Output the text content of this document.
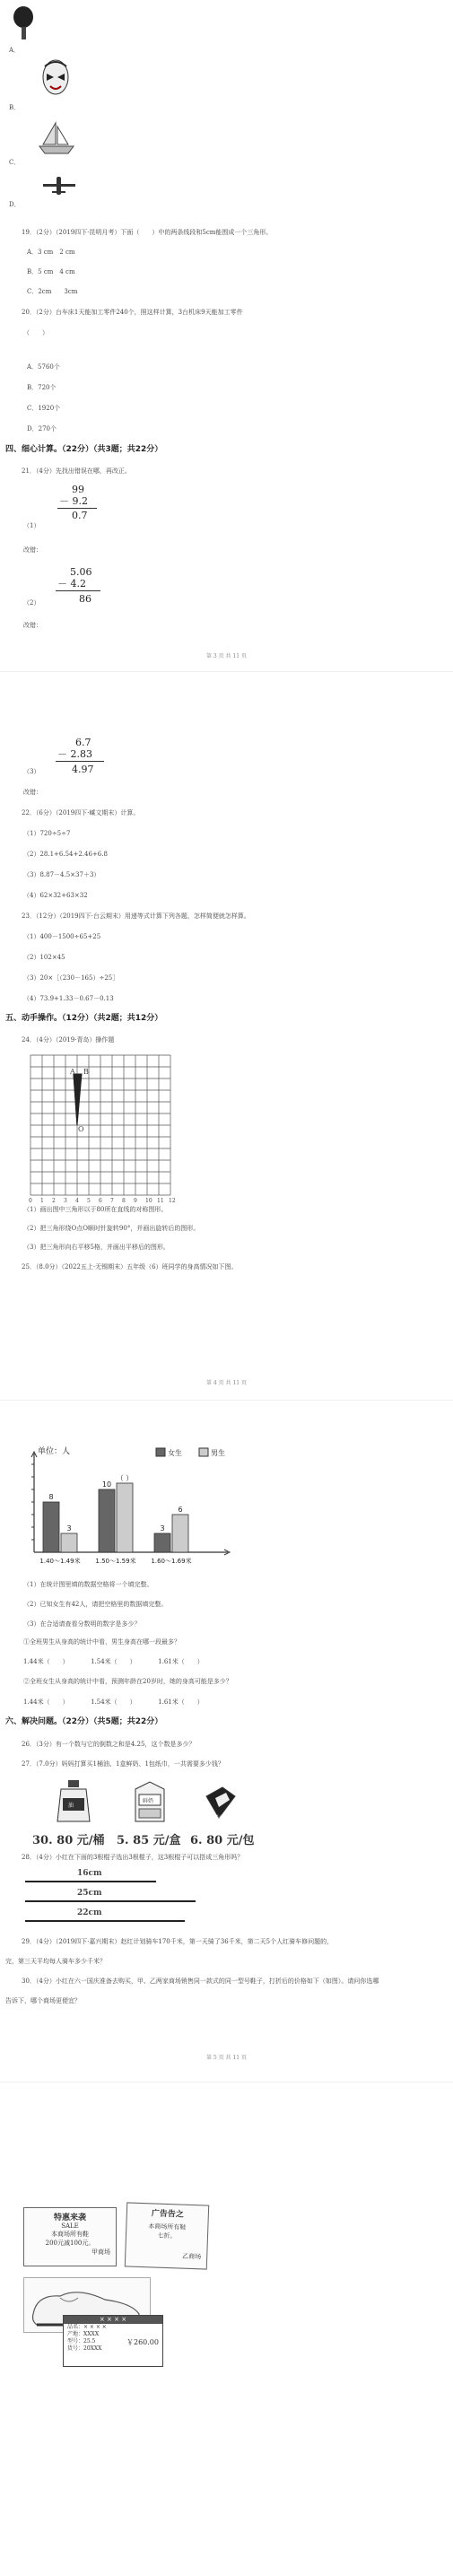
A．
B．
C．
D．
19．（2分）（2019四下·昆明月考）下面（　　）中的两条线段和5cm能围成一个三角形。
A．3 cm　2 cm
B．5 cm　4 cm
C．2cm　　3cm
20．（2分）台车床1天能加工零件240个，照这样计算，3台机床9天能加工零件
（　　）
A．5760个
B．720个
C．1920个
D．270个
四、细心计算。（22分）（共3题；共22分）
21．（4分）先找出错误在哪，再改正。
99
－ 9.2
0.7
（1）
改错：
5.06
－ 4.2
86
（2）
改错：
第 3 页 共 11 页
6.7
－ 2.83
4.97
（3）
改错：
22．（6分）（2019四下·嵊文期末）计算。
（1）720÷5÷7
（2）28.1+6.54+2.46+6.8
（3）8.87－4.5×37＋3）
（4）62×32+63×32
23．（12分）（2019四下·台云期末）用递等式计算下列各题，怎样简便就怎样算。
（1）400－1500÷65+25
（2）102×45
（3）20×［（230－165）÷25］
（4）73.9+1.33－0.67－0.13
五、动手操作。（12分）（共2题；共12分）
24．（4分）（2019·青岛）操作题
A B
O
0 1 2 3 4 5 6 7 8 9 10 11 12
（1）画出图中三角形以于80所在直线的对称图形。
（2）把三角形绕O点O顺时针旋转90°，并画出旋转后的图形。
（3）把三角形向右平移5格，并画出平移后的图形。
25．（8.0分）（2022五上·无锡期末）五年级（6）班同学的身高情况如下图。
第 4 页 共 11 页
单位：人	女生	男生
8
3
1.40～1.49米
10
（ ）
1.50～1.59米
3
6
1.60～1.69米
（1）在统计图里填的数据空格将一个填完整。
（2）已知女生有42人，请把空格里的数据填完整。
（3）在合适请查看分数明的数字是多少？
①全班男生从身高的统计中看，男生身高在哪一段最多？
1.44米（　　）　　　　1.54米（　　）　　　　1.61米（　　）
②全班女生从身高的统计中看，预测年龄在20岁时，她的身高可能是多少？
1.44米（　　）　　　　1.54米（　　）　　　　1.61米（　　）
六、解决问题。（22分）（共5题；共22分）
26．（3分）有一个数与它的倒数之和是4.25，这个数是多少？
27．（7.0分）妈妈打算买1桶油、1盒鲜奶、1包纸巾，一共需要多少钱？
油
鲜奶
纸巾
30. 80 元/桶 5. 85 元/盒 6. 80 元/包
28．（4分）小红在下面的3根棍子选出3根棍子，这3根棍子可以搭成三角形吗？
16cm
25cm
22cm
29．（4分）（2019四下·嘉兴期末）赵红计划骑车170千米，第一天骑了36千米，第二天5个人红骑车修问题的，
完，第三天平均每人骑车多少千米？
30．（4分）小红在六一国庆准备去购买，甲、乙两家商场销售同一款式的同一型号鞋子，打折后的价格如下（如图）。请问你选哪
告诉下，哪个商场更便宜？
第 5 页 共 11 页
特惠来袭
SALE
本商场所有鞋
200元减100元。
甲商场
广告告之
本商场所有鞋
七折。
乙商场
× × × ×
品名：× × × ×
产地：XXXX
型号：25.5
货号：20XXX
￥260.00
